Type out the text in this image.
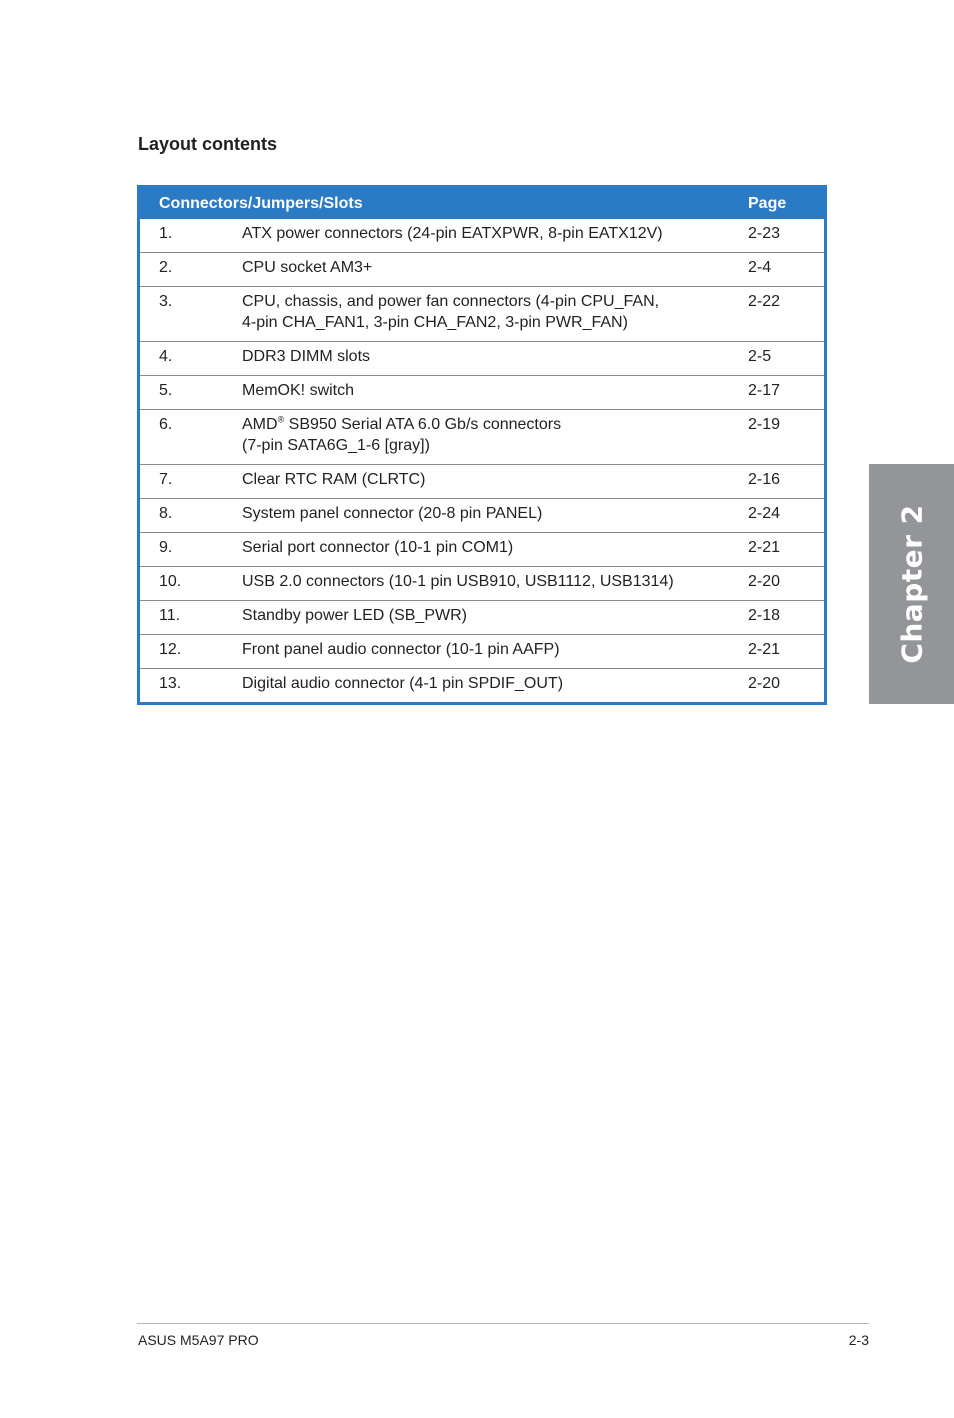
Layout contents
Connectors/Jumpers/Slots		Page
1.	ATX power connectors (24-pin EATXPWR, 8-pin EATX12V)	2-23
2.	CPU socket AM3+	2-4
3.	CPU, chassis, and power fan connectors (4-pin CPU_FAN,
4-pin CHA_FAN1, 3-pin CHA_FAN2, 3-pin PWR_FAN)	2-22
4.	DDR3 DIMM slots	2-5
5.	MemOK! switch	2-17
6.	AMD® SB950 Serial ATA 6.0 Gb/s connectors
(7-pin SATA6G_1-6 [gray])	2-19
7.	Clear RTC RAM (CLRTC)	2-16
8.	System panel connector (20-8 pin PANEL)	2-24
9.	Serial port connector (10-1 pin COM1)	2-21
10.	USB 2.0 connectors (10-1 pin USB910, USB1112, USB1314)	2-20
11.	Standby power LED (SB_PWR)	2-18
12.	Front panel audio connector (10-1 pin AAFP)	2-21
13.	Digital audio connector (4-1 pin SPDIF_OUT)	2-20
Chapter 2
ASUS M5A97 PRO	2-3
